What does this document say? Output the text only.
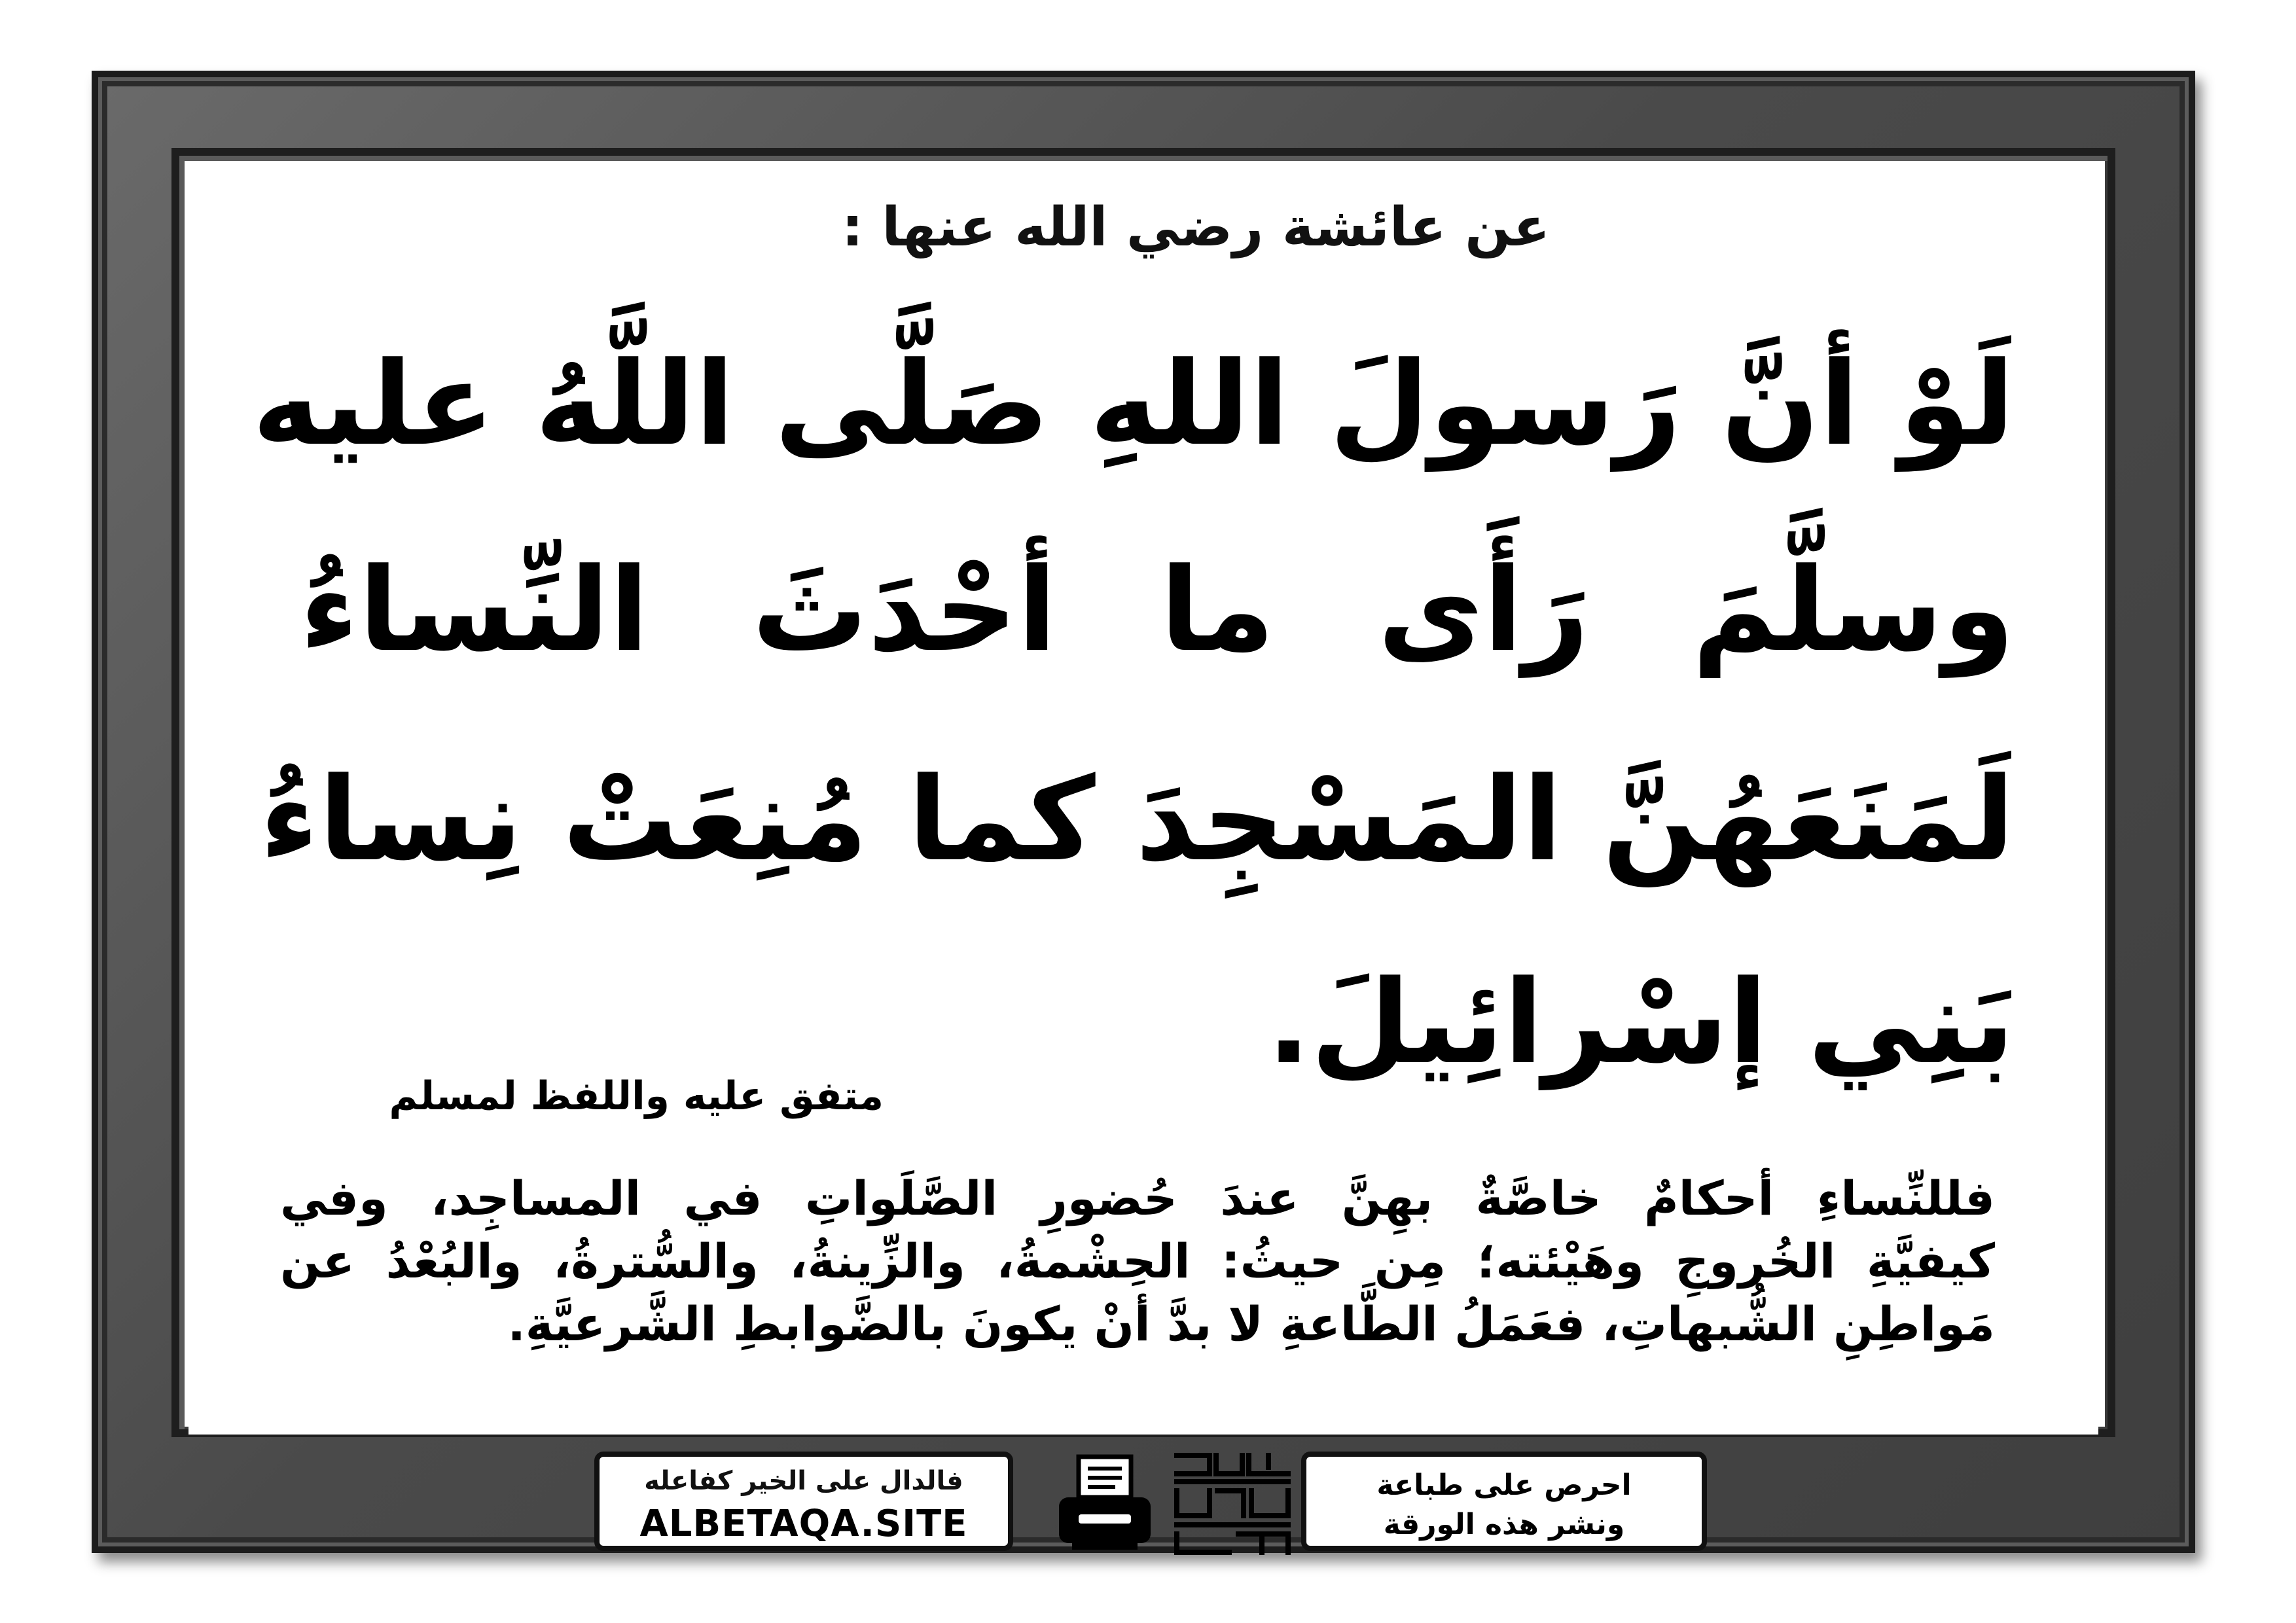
عن عائشة رضي الله عنها :
لَوْ أنَّ رَسولَ اللهِ صَلَّى اللَّهُ عليه
وسلَّمَ رَأَى ما أحْدَثَ النِّساءُ
لَمَنَعَهُنَّ المَسْجِدَ كما مُنِعَتْ نِساءُ
بَنِي إسْرائِيلَ.
متفق عليه واللفظ لمسلم
فللنِّساءِ أحكامٌ خاصَّةٌ بهِنَّ عندَ حُضورِ الصَّلَواتِ في المساجِد، وفي
كيفيَّةِ الخُروجِ وهَيْئته؛ مِن حيثُ: الحِشْمةُ، والزِّينةُ، والسُّترةُ، والبُعْدُ عن
مَواطِنِ الشُّبهاتِ، فعَمَلُ الطَّاعةِ لا بدَّ أنْ يكونَ بالضَّوابطِ الشَّرعيَّةِ.
فالدال على الخير كفاعله
ALBETAQA.SITE
احرص على طباعة
ونشر هذه الورقة
